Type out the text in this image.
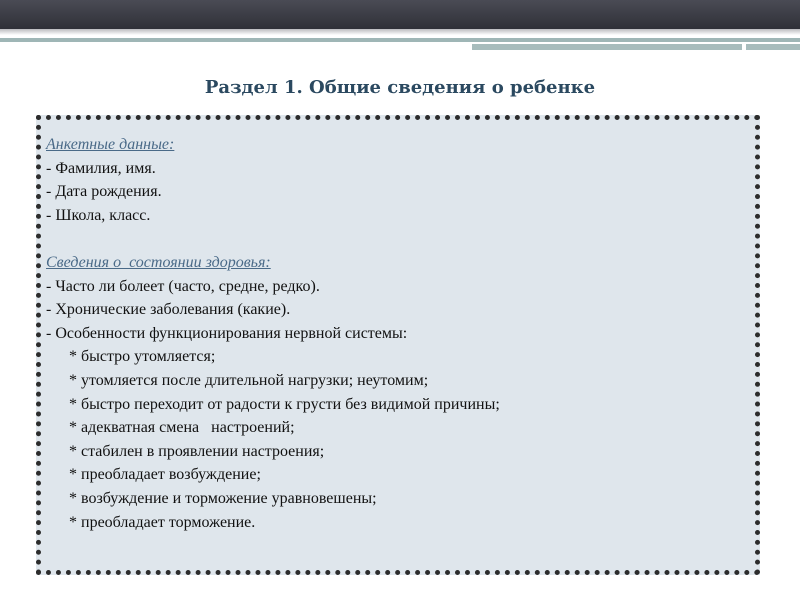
Раздел 1. Общие сведения о ребенке
Анкетные данные:
- Фамилия, имя.
- Дата рождения.
- Школа, класс.
Сведения о  состоянии здоровья:
- Часто ли болеет (часто, средне, редко).
- Хронические заболевания (какие).
- Особенности функционирования нервной системы:
* быстро утомляется;
* утомляется после длительной нагрузки; неутомим;
* быстро переходит от радости к грусти без видимой причины;
* адекватная смена   настроений;
* стабилен в проявлении настроения;
* преобладает возбуждение;
* возбуждение и торможение уравновешены;
* преобладает торможение.
